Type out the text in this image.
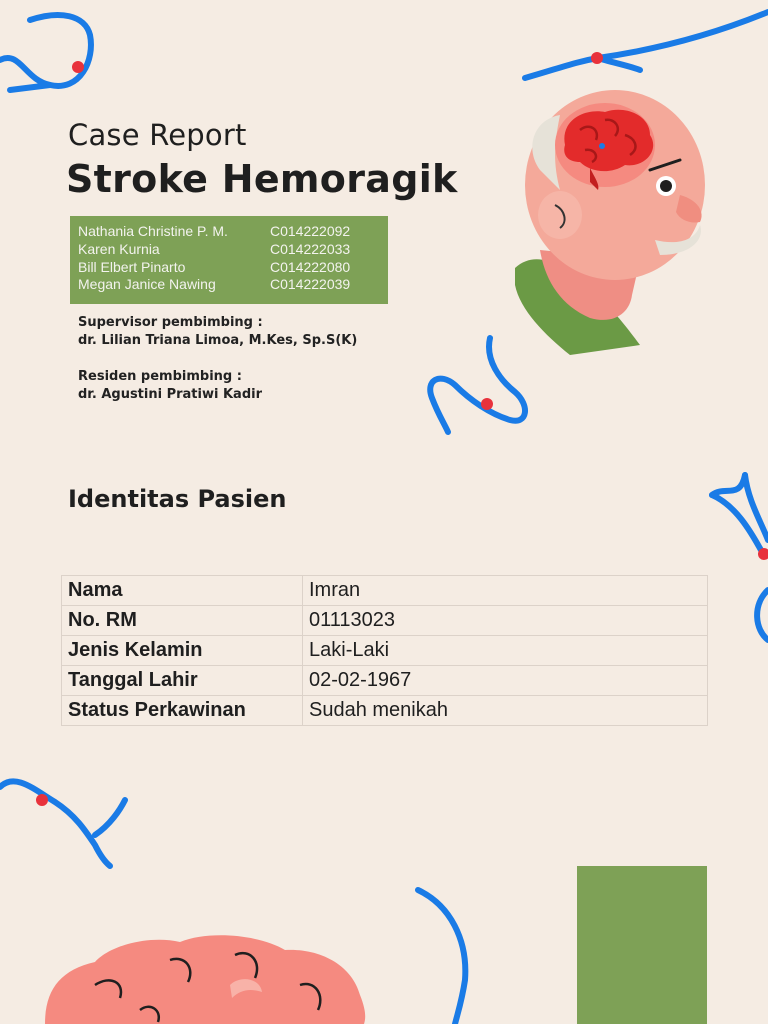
Case Report
Stroke Hemoragik
Nathania Christine P. M.	C014222092
Karen Kurnia	C014222033
Bill Elbert Pinarto	C014222080
Megan Janice Nawing	C014222039
Supervisor pembimbing :
dr. Lilian Triana Limoa, M.Kes, Sp.S(K)
Residen pembimbing :
dr. Agustini Pratiwi Kadir
Identitas Pasien
Nama	Imran
No. RM	01113023
Jenis Kelamin	Laki-Laki
Tanggal Lahir	02-02-1967
Status Perkawinan	Sudah menikah
